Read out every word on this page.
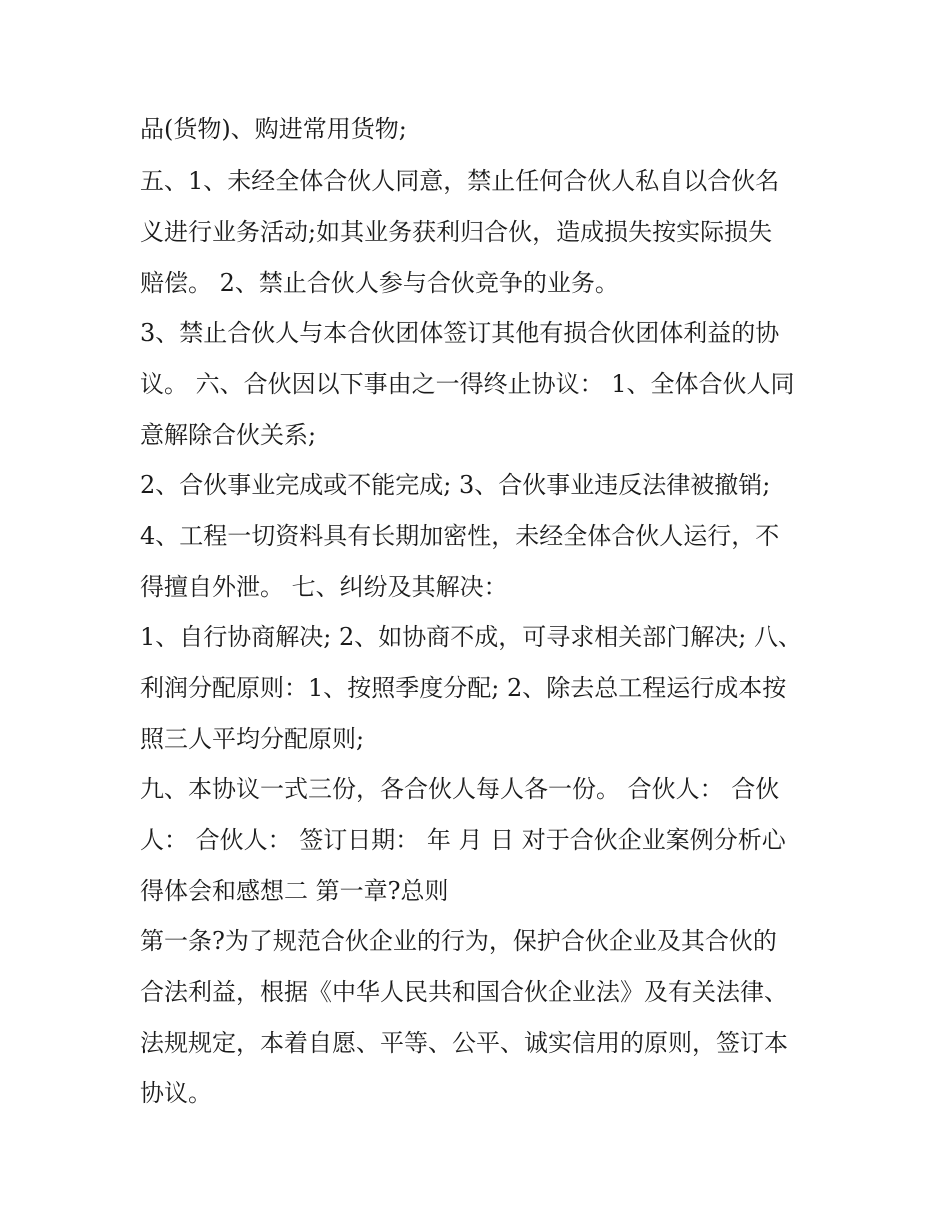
品(货物)、购进常用货物;
五、1、未经全体合伙人同意，禁止任何合伙人私自以合伙名
义进行业务活动;如其业务获利归合伙，造成损失按实际损失
赔偿。 2、禁止合伙人参与合伙竞争的业务。
3、禁止合伙人与本合伙团体签订其他有损合伙团体利益的协
议。 六、合伙因以下事由之一得终止协议： 1、全体合伙人同
意解除合伙关系;
2、合伙事业完成或不能完成; 3、合伙事业违反法律被撤销;
4、工程一切资料具有长期加密性，未经全体合伙人运行，不
得擅自外泄。 七、纠纷及其解决：
1、自行协商解决; 2、如协商不成，可寻求相关部门解决; 八、
利润分配原则：1、按照季度分配; 2、除去总工程运行成本按
照三人平均分配原则;
九、本协议一式三份，各合伙人每人各一份。 合伙人： 合伙
人： 合伙人： 签订日期： 年 月 日 对于合伙企业案例分析心
得体会和感想二 第一章?总则
第一条?为了规范合伙企业的行为，保护合伙企业及其合伙的
合法利益，根据《中华人民共和国合伙企业法》及有关法律、
法规规定，本着自愿、平等、公平、诚实信用的原则，签订本
协议。
